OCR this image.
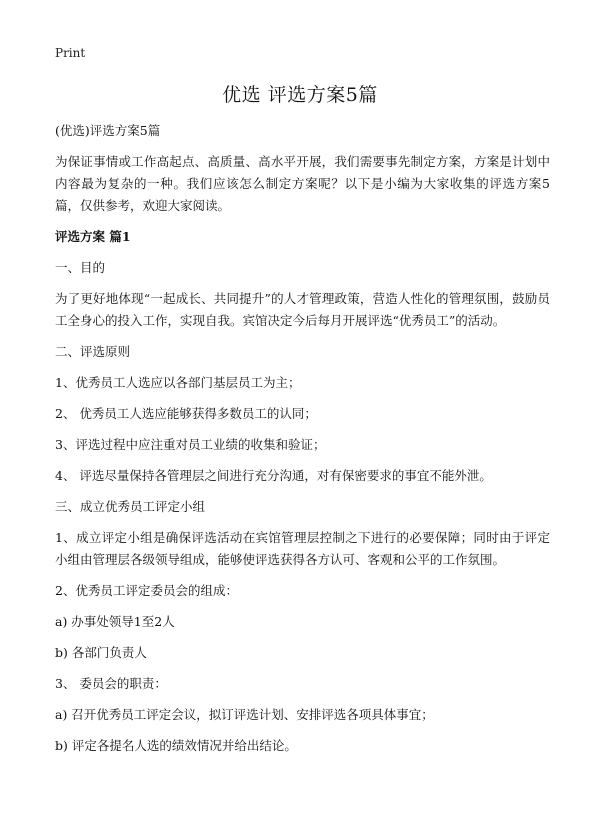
Print
优选 评选方案5篇

(优选)评选方案5篇

为保证事情或工作高起点、高质量、高水平开展，我们需要事先制定方案，方案是计划中内容最为复杂的一种。我们应该怎么制定方案呢？以下是小编为大家收集的评选方案5篇，仅供参考，欢迎大家阅读。

评选方案 篇1

一、目的

为了更好地体现“一起成长、共同提升”的人才管理政策，营造人性化的管理氛围，鼓励员工全身心的投入工作，实现自我。宾馆决定今后每月开展评选“优秀员工”的活动。

二、评选原则

1、优秀员工人选应以各部门基层员工为主；

2、 优秀员工人选应能够获得多数员工的认同；

3、评选过程中应注重对员工业绩的收集和验证；

4、 评选尽量保持各管理层之间进行充分沟通，对有保密要求的事宜不能外泄。

三、成立优秀员工评定小组

1、成立评定小组是确保评选活动在宾馆管理层控制之下进行的必要保障；同时由于评定小组由管理层各级领导组成，能够使评选获得各方认可、客观和公平的工作氛围。

2、优秀员工评定委员会的组成：

a) 办事处领导1至2人

b) 各部门负责人

3、 委员会的职责：

a) 召开优秀员工评定会议，拟订评选计划、安排评选各项具体事宜；

b) 评定各提名人选的绩效情况并给出结论。
